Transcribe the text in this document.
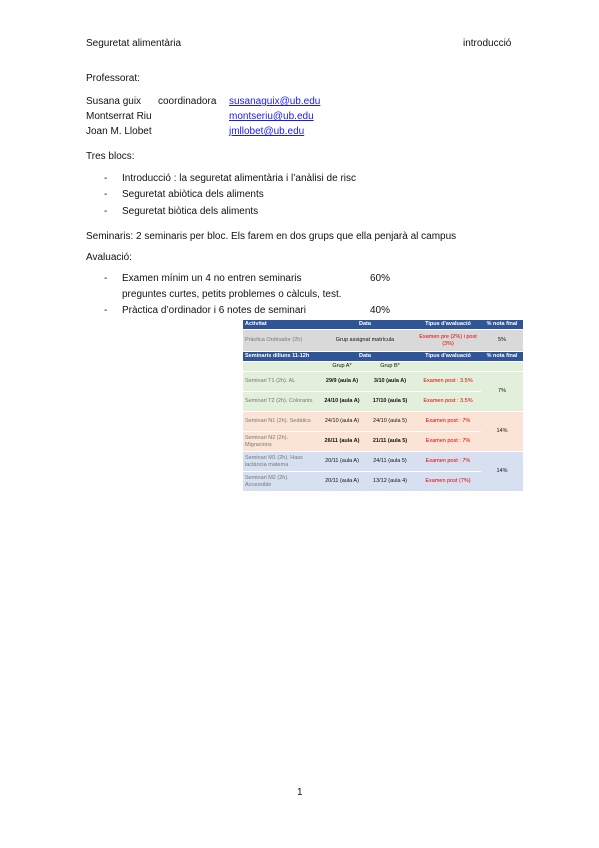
Seguretat alimentària	introducció
Professorat:
Susana guix coordinadora susanaguix@ub.edu
Montserrat Riu	montseriu@ub.edu
Joan M. Llobet	jmllobet@ub.edu
Tres blocs:
- Introducció : la seguretat alimentària i l’anàlisi de risc
- Seguretat abiòtica dels aliments
- Seguretat biòtica dels aliments
Seminaris: 2 seminaris per bloc. Els farem en dos grups que ella penjarà al campus
Avaluació:
- Examen mínim un 4 no entren seminaris	60%
preguntes curtes, petits problemes o càlculs, test.
- Pràctica d’ordinador i 6 notes de seminari	40%
Activitat	Data	Tipus d'avaluació	% nota final
Pràctica Ordinador (2h)	Grup assignat matrícula	Examen pre (2%) i post (3%)	5%
Seminaris dilluns 11-12h	Data	Tipus d'avaluació	% nota final
	Grup A* Grup B*		
Seminari T1 (2h). AL	29/9 (aula A) 3/10 (aula A)	Examen post : 3.5%	7%
Seminari T2 (2h). Colorants	24/10 (aula A) 17/10 (aula 5)	Examen post : 3.5%	
Seminari N1 (2h). Sedàtics	24/10 (aula A) 24/10 (aula 5)	Examen post : 7%	14%
Seminari N2 (2h). Migracions	26/11 (aula A) 21/11 (aula 5)	Examen post : 7%	
Seminari M1 (2h). Hass lactància materna	20/11 (aula A) 24/11 (aula 5)	Examen post : 7%	14%
Seminari M2 (2h). Accessible	20/11 (aula A) 13/12 (aula 4)	Examen post (7%)	
1
